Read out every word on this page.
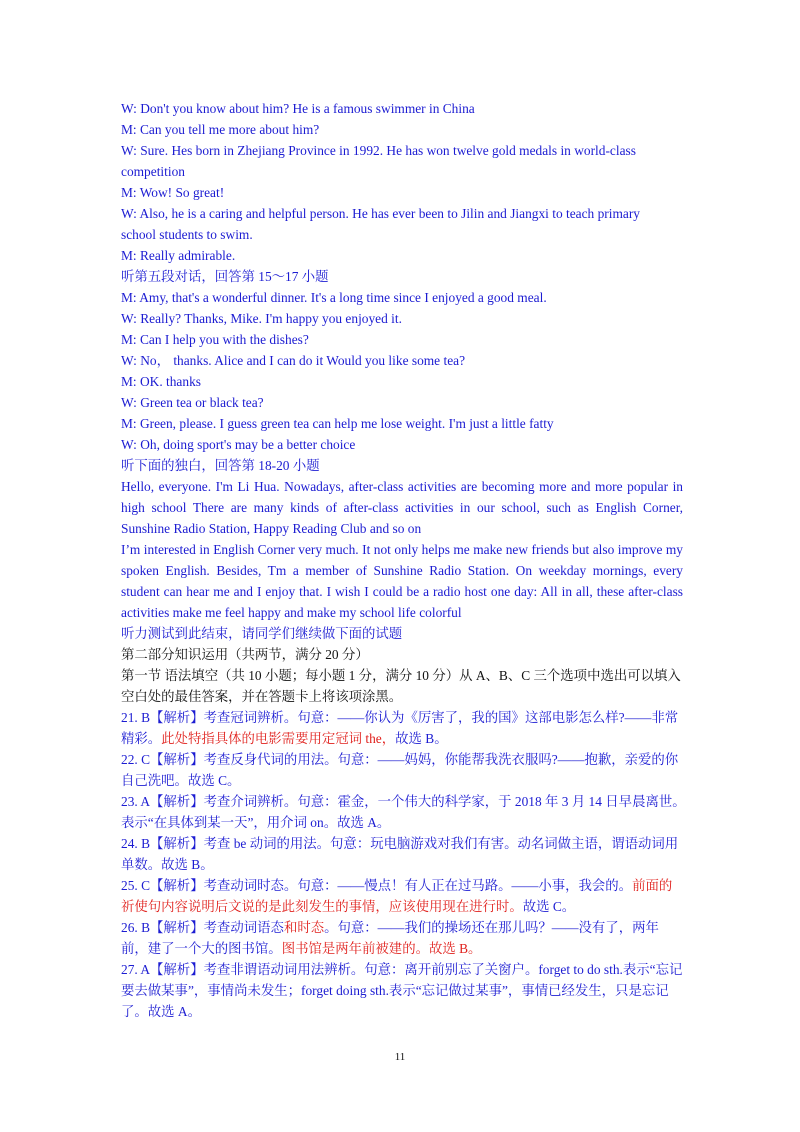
W: Don't you know about him? He is a famous swimmer in China
M: Can you tell me more about him?
W: Sure. Hes born in Zhejiang Province in 1992. He has won twelve gold medals in world-class
competition
M: Wow! So great!
W: Also, he is a caring and helpful person. He has ever been to Jilin and Jiangxi to teach primary
school students to swim.
M: Really admirable.
听第五段对话，回答第 15～17 小题
M: Amy, that's a wonderful dinner. It's a long time since I enjoyed a good meal.
W: Really? Thanks, Mike. I'm happy you enjoyed it.
M: Can I help you with the dishes?
W: No， thanks. Alice and I can do it Would you like some tea?
M: OK. thanks
W: Green tea or black tea?
M: Green, please. I guess green tea can help me lose weight. I'm just a little fatty
W: Oh, doing sport's may be a better choice
听下面的独白，回答第 18-20 小题
Hello, everyone. I'm Li Hua. Nowadays, after-class activities are becoming more and more popular in high school There are many kinds of after-class activities in our school, such as English Corner, Sunshine Radio Station, Happy Reading Club and so on
I’m interested in English Corner very much. It not only helps me make new friends but also improve my spoken English. Besides, Tm a member of Sunshine Radio Station. On weekday mornings, every student can hear me and I enjoy that. I wish I could be a radio host one day: All in all, these after-class activities make me feel happy and make my school life colorful
听力测试到此结束，请同学们继续做下面的试题
第二部分知识运用（共两节，满分 20 分）
第一节 语法填空（共 10 小题；每小题 1 分，满分 10 分）从 A、B、C 三个选项中选出可以填入空白处的最佳答案，并在答题卡上将该项涂黑。
21. B【解析】考查冠词辨析。句意：——你认为《厉害了，我的国》这部电影怎么样?——非常精彩。此处特指具体的电影需要用定冠词 the，故选 B。
22. C【解析】考查反身代词的用法。句意：——妈妈，你能帮我洗衣服吗?——抱歉，亲爱的你自己洗吧。故选 C。
23. A【解析】考查介词辨析。句意：霍金，一个伟大的科学家，于 2018 年 3 月 14 日早晨离世。
表示“在具体到某一天”，用介词 on。故选 A。
24. B【解析】考查 be 动词的用法。句意：玩电脑游戏对我们有害。动名词做主语，谓语动词用单数。故选 B。
25. C【解析】考查动词时态。句意：——慢点！有人正在过马路。——小事，我会的。前面的祈使句内容说明后文说的是此刻发生的事情，应该使用现在进行时。故选 C。
26. B【解析】考查动词语态和时态。句意：——我们的操场还在那儿吗？——没有了，两年前，建了一个大的图书馆。图书馆是两年前被建的。故选 B。
27. A【解析】考查非谓语动词用法辨析。句意：离开前别忘了关窗户。forget to do sth.表示“忘记要去做某事”，事情尚未发生；forget doing sth.表示“忘记做过某事”，事情已经发生，只是忘记了。故选 A。
11
